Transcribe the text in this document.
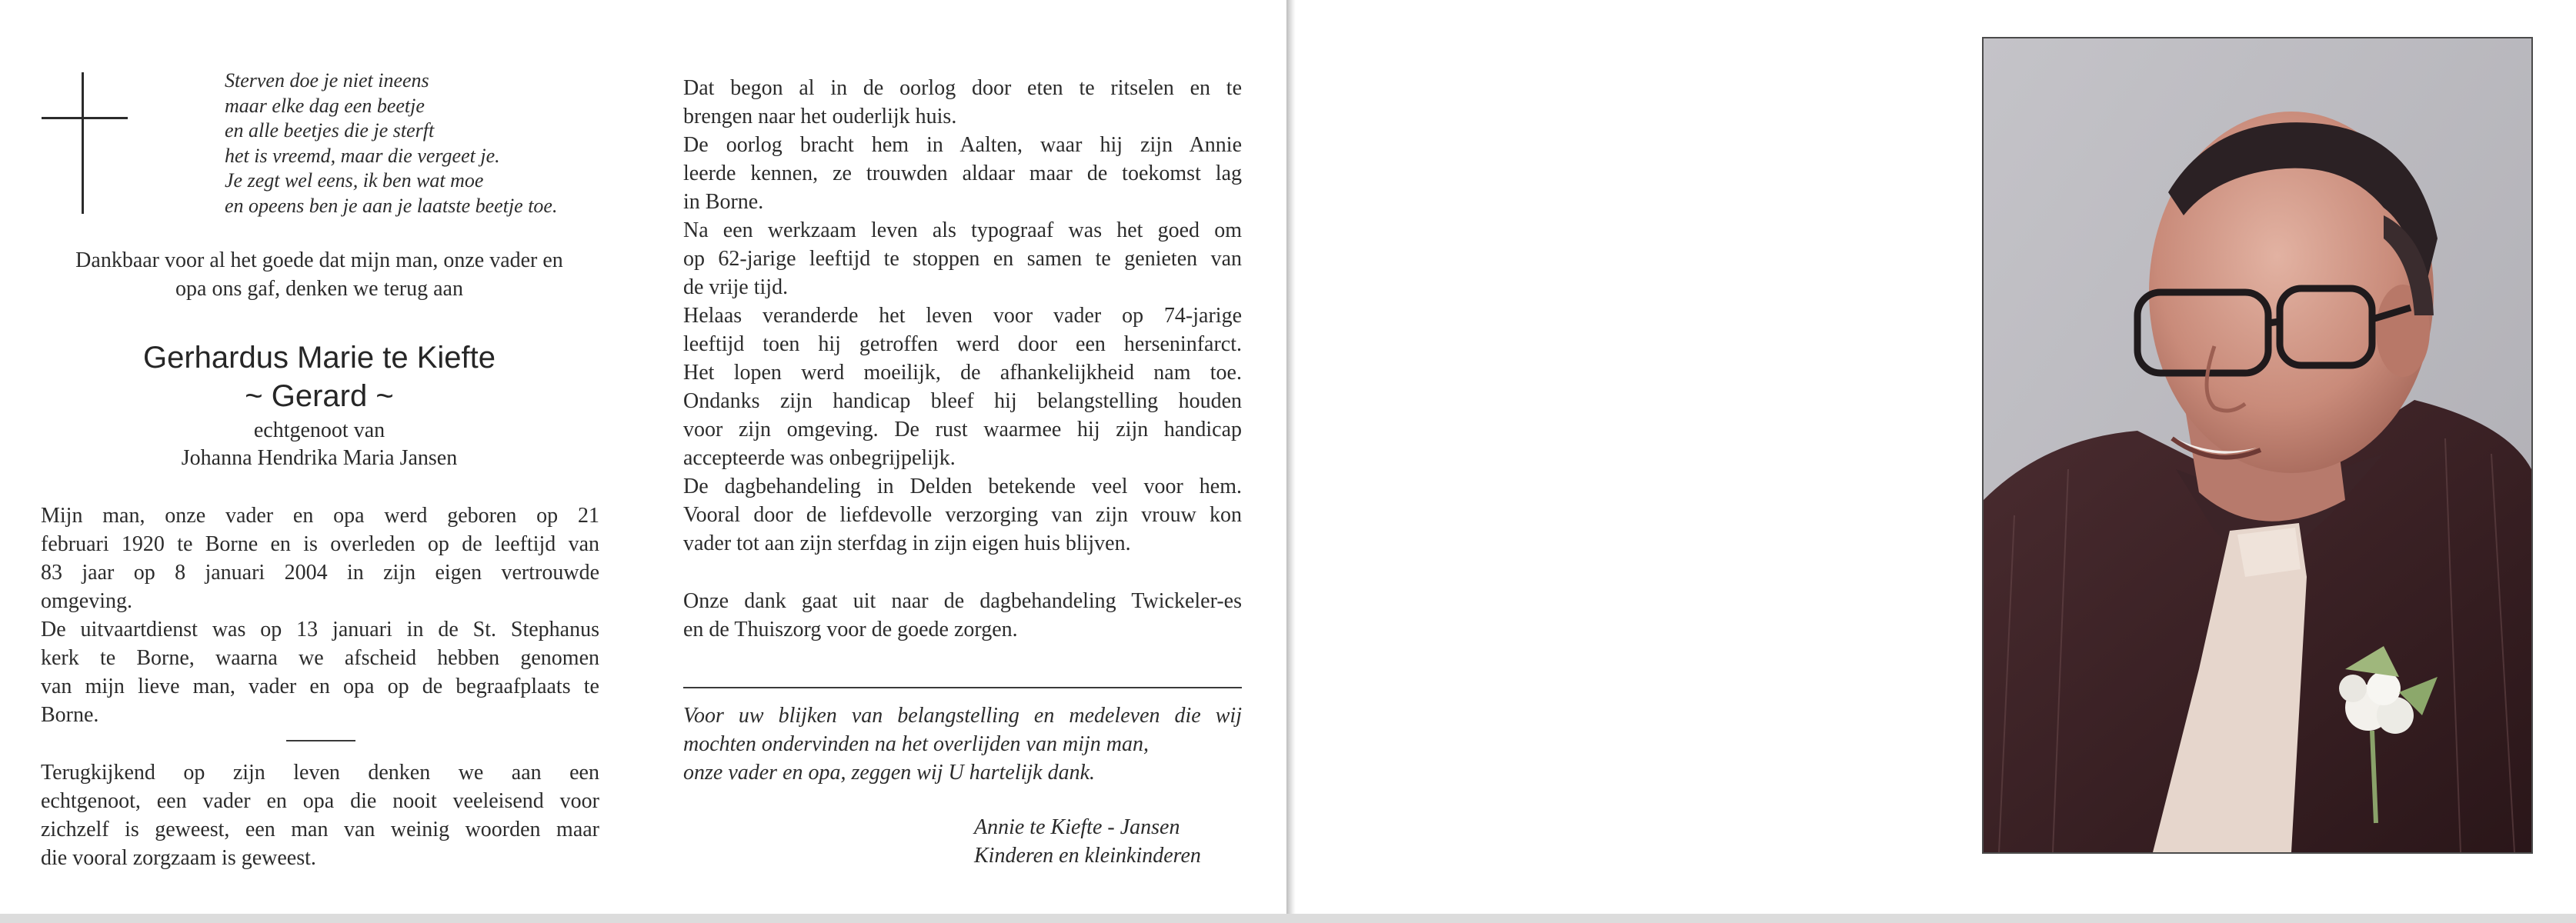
Sterven doe je niet ineens
maar elke dag een beetje
en alle beetjes die je sterft
het is vreemd, maar die vergeet je.
Je zegt wel eens, ik ben wat moe
en opeens ben je aan je laatste beetje toe.
Dankbaar voor al het goede dat mijn man, onze vader en
opa ons gaf, denken we terug aan
Gerhardus Marie te Kiefte
~ Gerard ~
echtgenoot van
Johanna Hendrika Maria Jansen
Mijn man, onze vader en opa werd geboren op 21
februari 1920 te Borne en is overleden op de leeftijd van
83 jaar op 8 januari 2004 in zijn eigen vertrouwde
omgeving.
De uitvaartdienst was op 13 januari in de St. Stephanus
kerk te Borne, waarna we afscheid hebben genomen
van mijn lieve man, vader en opa op de begraafplaats te
Borne.
Terugkijkend op zijn leven denken we aan een
echtgenoot, een vader en opa die nooit veeleisend voor
zichzelf is geweest, een man van weinig woorden maar
die vooral zorgzaam is geweest.
Dat begon al in de oorlog door eten te ritselen en te
brengen naar het ouderlijk huis.
De oorlog bracht hem in Aalten, waar hij zijn Annie
leerde kennen, ze trouwden aldaar maar de toekomst lag
in Borne.
Na een werkzaam leven als typograaf was het goed om
op 62-jarige leeftijd te stoppen en samen te genieten van
de vrije tijd.
Helaas veranderde het leven voor vader op 74-jarige
leeftijd toen hij getroffen werd door een herseninfarct.
Het lopen werd moeilijk, de afhankelijkheid nam toe.
Ondanks zijn handicap bleef hij belangstelling houden
voor zijn omgeving. De rust waarmee hij zijn handicap
accepteerde was onbegrijpelijk.
De dagbehandeling in Delden betekende veel voor hem.
Vooral door de liefdevolle verzorging van zijn vrouw kon
vader tot aan zijn sterfdag in zijn eigen huis blijven.
Onze dank gaat uit naar de dagbehandeling Twickeler-es
en de Thuiszorg voor de goede zorgen.
Voor uw blijken van belangstelling en medeleven die wij
mochten ondervinden na het overlijden van mijn man,
onze vader en opa, zeggen wij U hartelijk dank.
Annie te Kiefte - Jansen
Kinderen en kleinkinderen
